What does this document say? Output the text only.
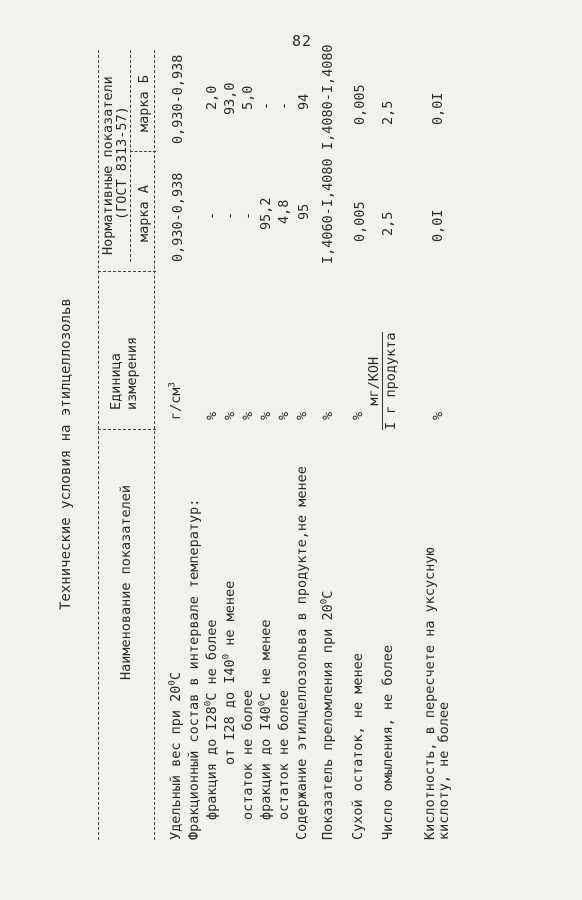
82
Технические условия на этилцеллозольв	Наименование показателей
Единица измерения
Нормативные показатели
(ГОСТ 8313-57) марка А
марка Б
Удельный вес при $20^0C$
$г/см^3$
0,930-0,938
0,930-0,938
Фракционный состав в интервале температур: фракция до $I28^0C$ не более
%
-
2,0
от I28 до $I40^0$ не менее
%
-
93,0
остаток не более
%
-
5,0
фракции до $I40^0C$ не менее
%
95,2
-
остаток не более
%
4,8
-
Содержание этилцеллозольва в продукте,не менее
%
95
94
Показатель преломления при $20^0C$
%
I,4060-I,4080
I,4080-I,4080
Сухой остаток, не менее
%
0,005
0,005
Число омыления, не более
мг/КОН I г продукта
2,5
2,5
Кислотность, в пересчете на уксусную
кислоту, не более
%
0,0I
0,0I
